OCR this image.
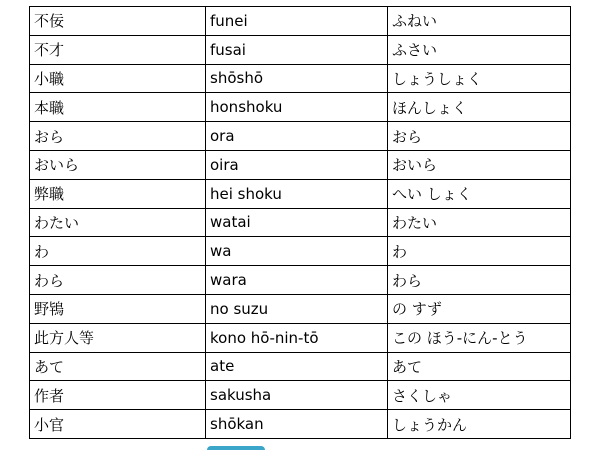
不佞	funei	ふねい
不才	fusai	ふさい
小職	shōshō	しょうしょく
本職	honshoku	ほんしょく
おら	ora	おら
おいら	oira	おいら
弊職	hei shoku	へい しょく
わたい	watai	わたい
わ	wa	わ
わら	wara	わら
野鴇	no suzu	の すず
此方人等	kono hō-nin-tō	この ほう-にん-とう
あて	ate	あて
作者	sakusha	さくしゃ
小官	shōkan	しょうかん
